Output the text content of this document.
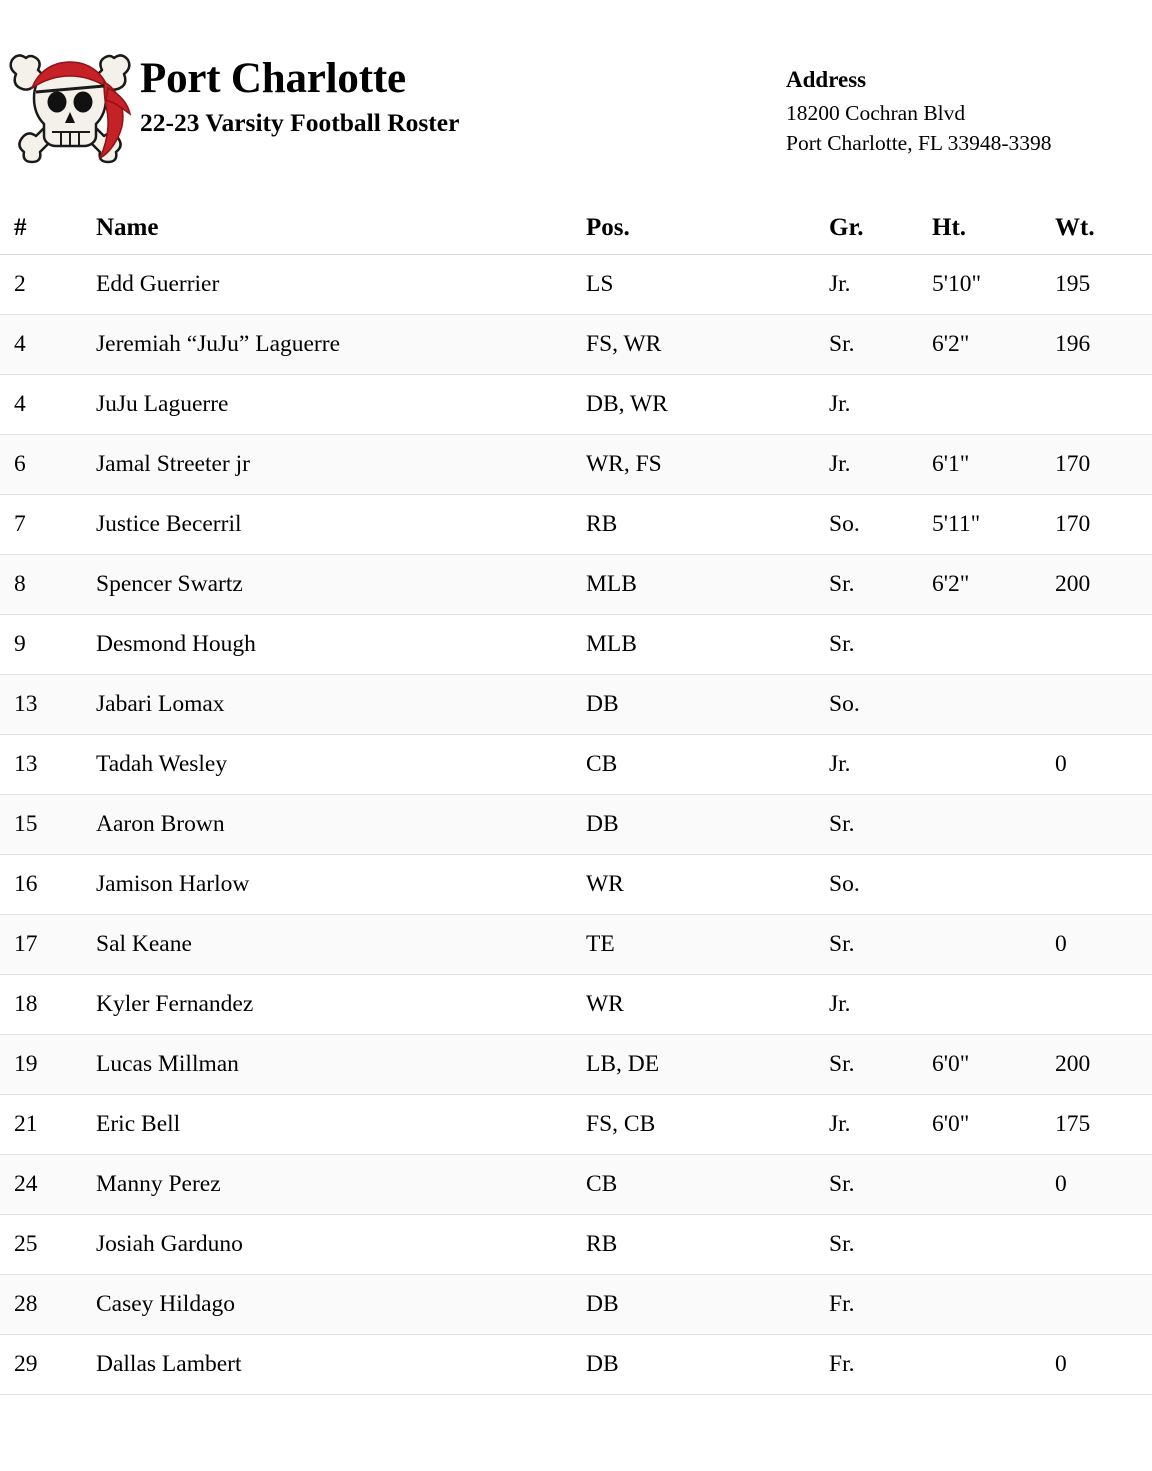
Port Charlotte
22-23 Varsity Football Roster
Address
18200 Cochran Blvd
Port Charlotte, FL 33948-3398
#	Name	Pos.	Gr.	Ht.	Wt.
2	Edd Guerrier	LS	Jr.	5'10"	195
4	Jeremiah “JuJu” Laguerre	FS, WR	Sr.	6'2"	196
4	JuJu Laguerre	DB, WR	Jr.		
6	Jamal Streeter jr	WR, FS	Jr.	6'1"	170
7	Justice Becerril	RB	So.	5'11"	170
8	Spencer Swartz	MLB	Sr.	6'2"	200
9	Desmond Hough	MLB	Sr.		
13	Jabari Lomax	DB	So.		
13	Tadah Wesley	CB	Jr.		0
15	Aaron Brown	DB	Sr.		
16	Jamison Harlow	WR	So.		
17	Sal Keane	TE	Sr.		0
18	Kyler Fernandez	WR	Jr.		
19	Lucas Millman	LB, DE	Sr.	6'0"	200
21	Eric Bell	FS, CB	Jr.	6'0"	175
24	Manny Perez	CB	Sr.		0
25	Josiah Garduno	RB	Sr.		
28	Casey Hildago	DB	Fr.		
29	Dallas Lambert	DB	Fr.		0
